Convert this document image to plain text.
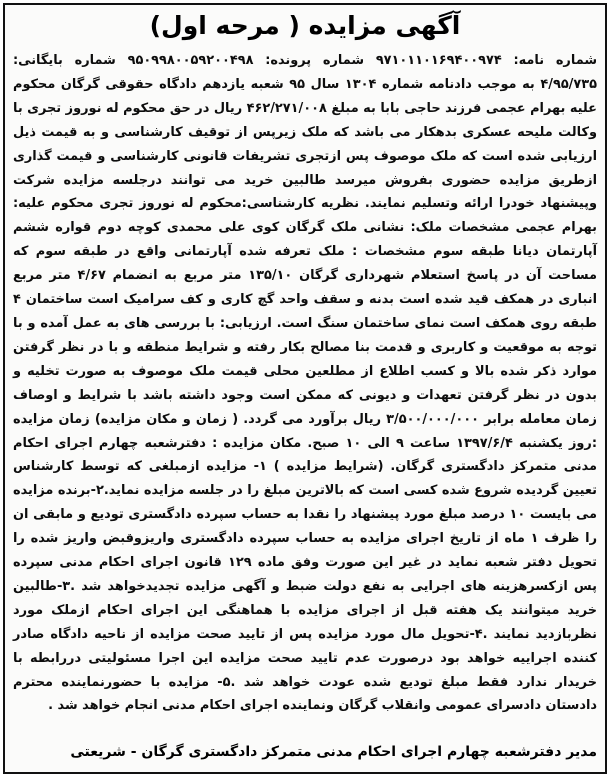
آگهی مزایده ( مرحه اول)
شماره نامه: ۹۷۱۰۱۱۰۱۶۹۴۰۰۹۷۴ شماره پرونده: ۹۵۰۹۹۸۰۰۵۹۲۰۰۴۹۸ شماره بایگانی: ۴/۹۵/۷۳۵ به موجب دادنامه شماره ۱۳۰۴ سال ۹۵ شعبه یازدهم دادگاه حقوقی گرگان محکوم علیه بهرام عجمی فرزند حاجی بابا به مبلغ ۴۶۲/۲۷۱/۰۰۸ ریال در حق محکوم له نوروز تجری با وکالت ملیحه عسکری بدهکار می باشد که ملک زیرپس از توقیف کارشناسی و به قیمت ذیل ارزیابی شده است که ملک موصوف پس ازتجری تشریفات قانونی کارشناسی و قیمت گذاری ازطریق مزایده حضوری بفروش میرسد طالبین خرید می توانند درجلسه مزایده شرکت وپیشنهاد خودرا ارائه وتسلیم نمایند. نظریه کارشناسی:محکوم له نوروز تجری محکوم علیه: بهرام عجمی مشخصات ملک: نشانی ملک گرگان کوی علی محمدی کوچه دوم قواره ششم آپارتمان دیانا طبقه سوم مشخصات : ملک تعرفه شده آپارتمانی واقع در طبقه سوم که مساحت آن در پاسخ استعلام شهرداری گرگان ۱۳۵/۱۰ متر مربع به انضمام ۴/۶۷ متر مربع انباری در همکف قید شده است بدنه و سقف واحد گچ کاری و کف سرامیک است ساختمان ۴ طبقه روی همکف است نمای ساختمان سنگ است. ارزیابی: با بررسی های به عمل آمده و با توجه به موقعیت و کاربری و قدمت بنا مصالح بکار رفته و شرایط منطقه و با در نظر گرفتن موارد ذکر شده بالا و کسب اطلاع از مطلعین محلی قیمت ملک موصوف به صورت تخلیه و بدون در نظر گرفتن تعهدات و دیونی که ممکن است وجود داشته باشد با شرایط و اوصاف زمان معامله برابر ۳/۵۰۰/۰۰۰/۰۰۰ ریال برآورد می گردد. ( زمان و مکان مزایده) زمان مزایده :روز یکشنبه ۱۳۹۷/۶/۴ ساعت ۹ الی ۱۰ صبح. مکان مزایده : دفترشعبه چهارم اجرای احکام مدنی متمرکز دادگستری گرگان. (شرایط مزایده ) ۱- مزایده ازمبلغی که توسط کارشناس تعیین گردیده شروع شده کسی است که بالاترین مبلغ را در جلسه مزایده نماید.۲-برنده مزایده می بایست ۱۰ درصد مبلغ مورد پیشنهاد را نقدا به حساب سپرده دادگستری تودیع و مابقی ان را ظرف ۱ ماه از تاریخ اجرای مزایده به حساب سپرده دادگستری واریزوقبض واریز شده را تحویل دفتر شعبه نماید در غیر این صورت وفق ماده ۱۲۹ قانون اجرای احکام مدنی سپرده پس ازکسرهزینه های اجرایی به نفع دولت ضبط و آگهی مزایده تجدیدخواهد شد .۳-طالبین خرید میتوانند یک هفته قبل از اجرای مزایده با هماهنگی این اجرای احکام ازملک مورد نظربازدید نمایند .۴-تحویل مال مورد مزایده پس از تایید صحت مزایده از ناحیه دادگاه صادر کننده اجراییه خواهد بود درصورت عدم تایید صحت مزایده این اجرا مسئولیتی دررابطه با خریدار ندارد فقط مبلغ تودیع شده عودت خواهد شد .۵- مزایده با حضورنماینده محترم دادستان دادسرای عمومی وانقلاب گرگان ونماینده اجرای احکام مدنی انجام خواهد شد .
مدیر دفترشعبه چهارم اجرای احکام مدنی متمرکز دادگستری گرگان - شریعتی
